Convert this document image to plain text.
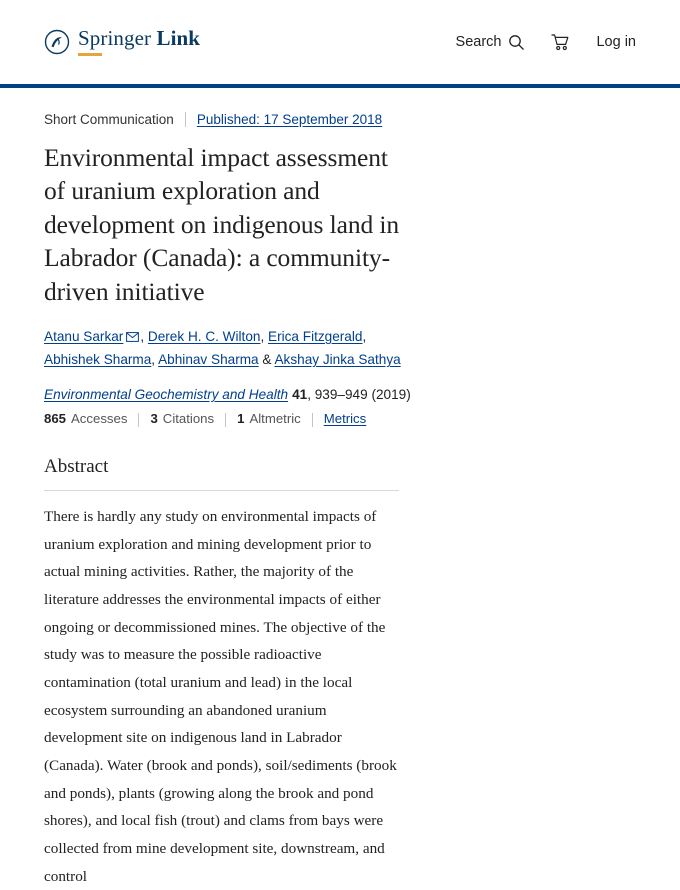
Springer Link	Search	Log in
Short Communication Published: 17 September 2018
Environmental impact assessment of uranium exploration and development on indigenous land in Labrador (Canada): a community-driven initiative
Atanu Sarkar , Derek H. C. Wilton, Erica Fitzgerald, Abhishek Sharma, Abhinav Sharma & Akshay Jinka Sathya
Environmental Geochemistry and Health 41, 939–949 (2019)
865 Accesses 3 Citations 1 Altmetric Metrics
Abstract

There is hardly any study on environmental impacts of uranium exploration and mining development prior to actual mining activities. Rather, the majority of the literature addresses the environmental impacts of either ongoing or decommissioned mines. The objective of the study was to measure the possible radioactive contamination (total uranium and lead) in the local ecosystem surrounding an abandoned uranium development site on indigenous land in Labrador (Canada). Water (brook and ponds), soil/sediments (brook and ponds), plants (growing along the brook and pond shores), and local fish (trout) and clams from bays were collected from mine development site, downstream, and control
